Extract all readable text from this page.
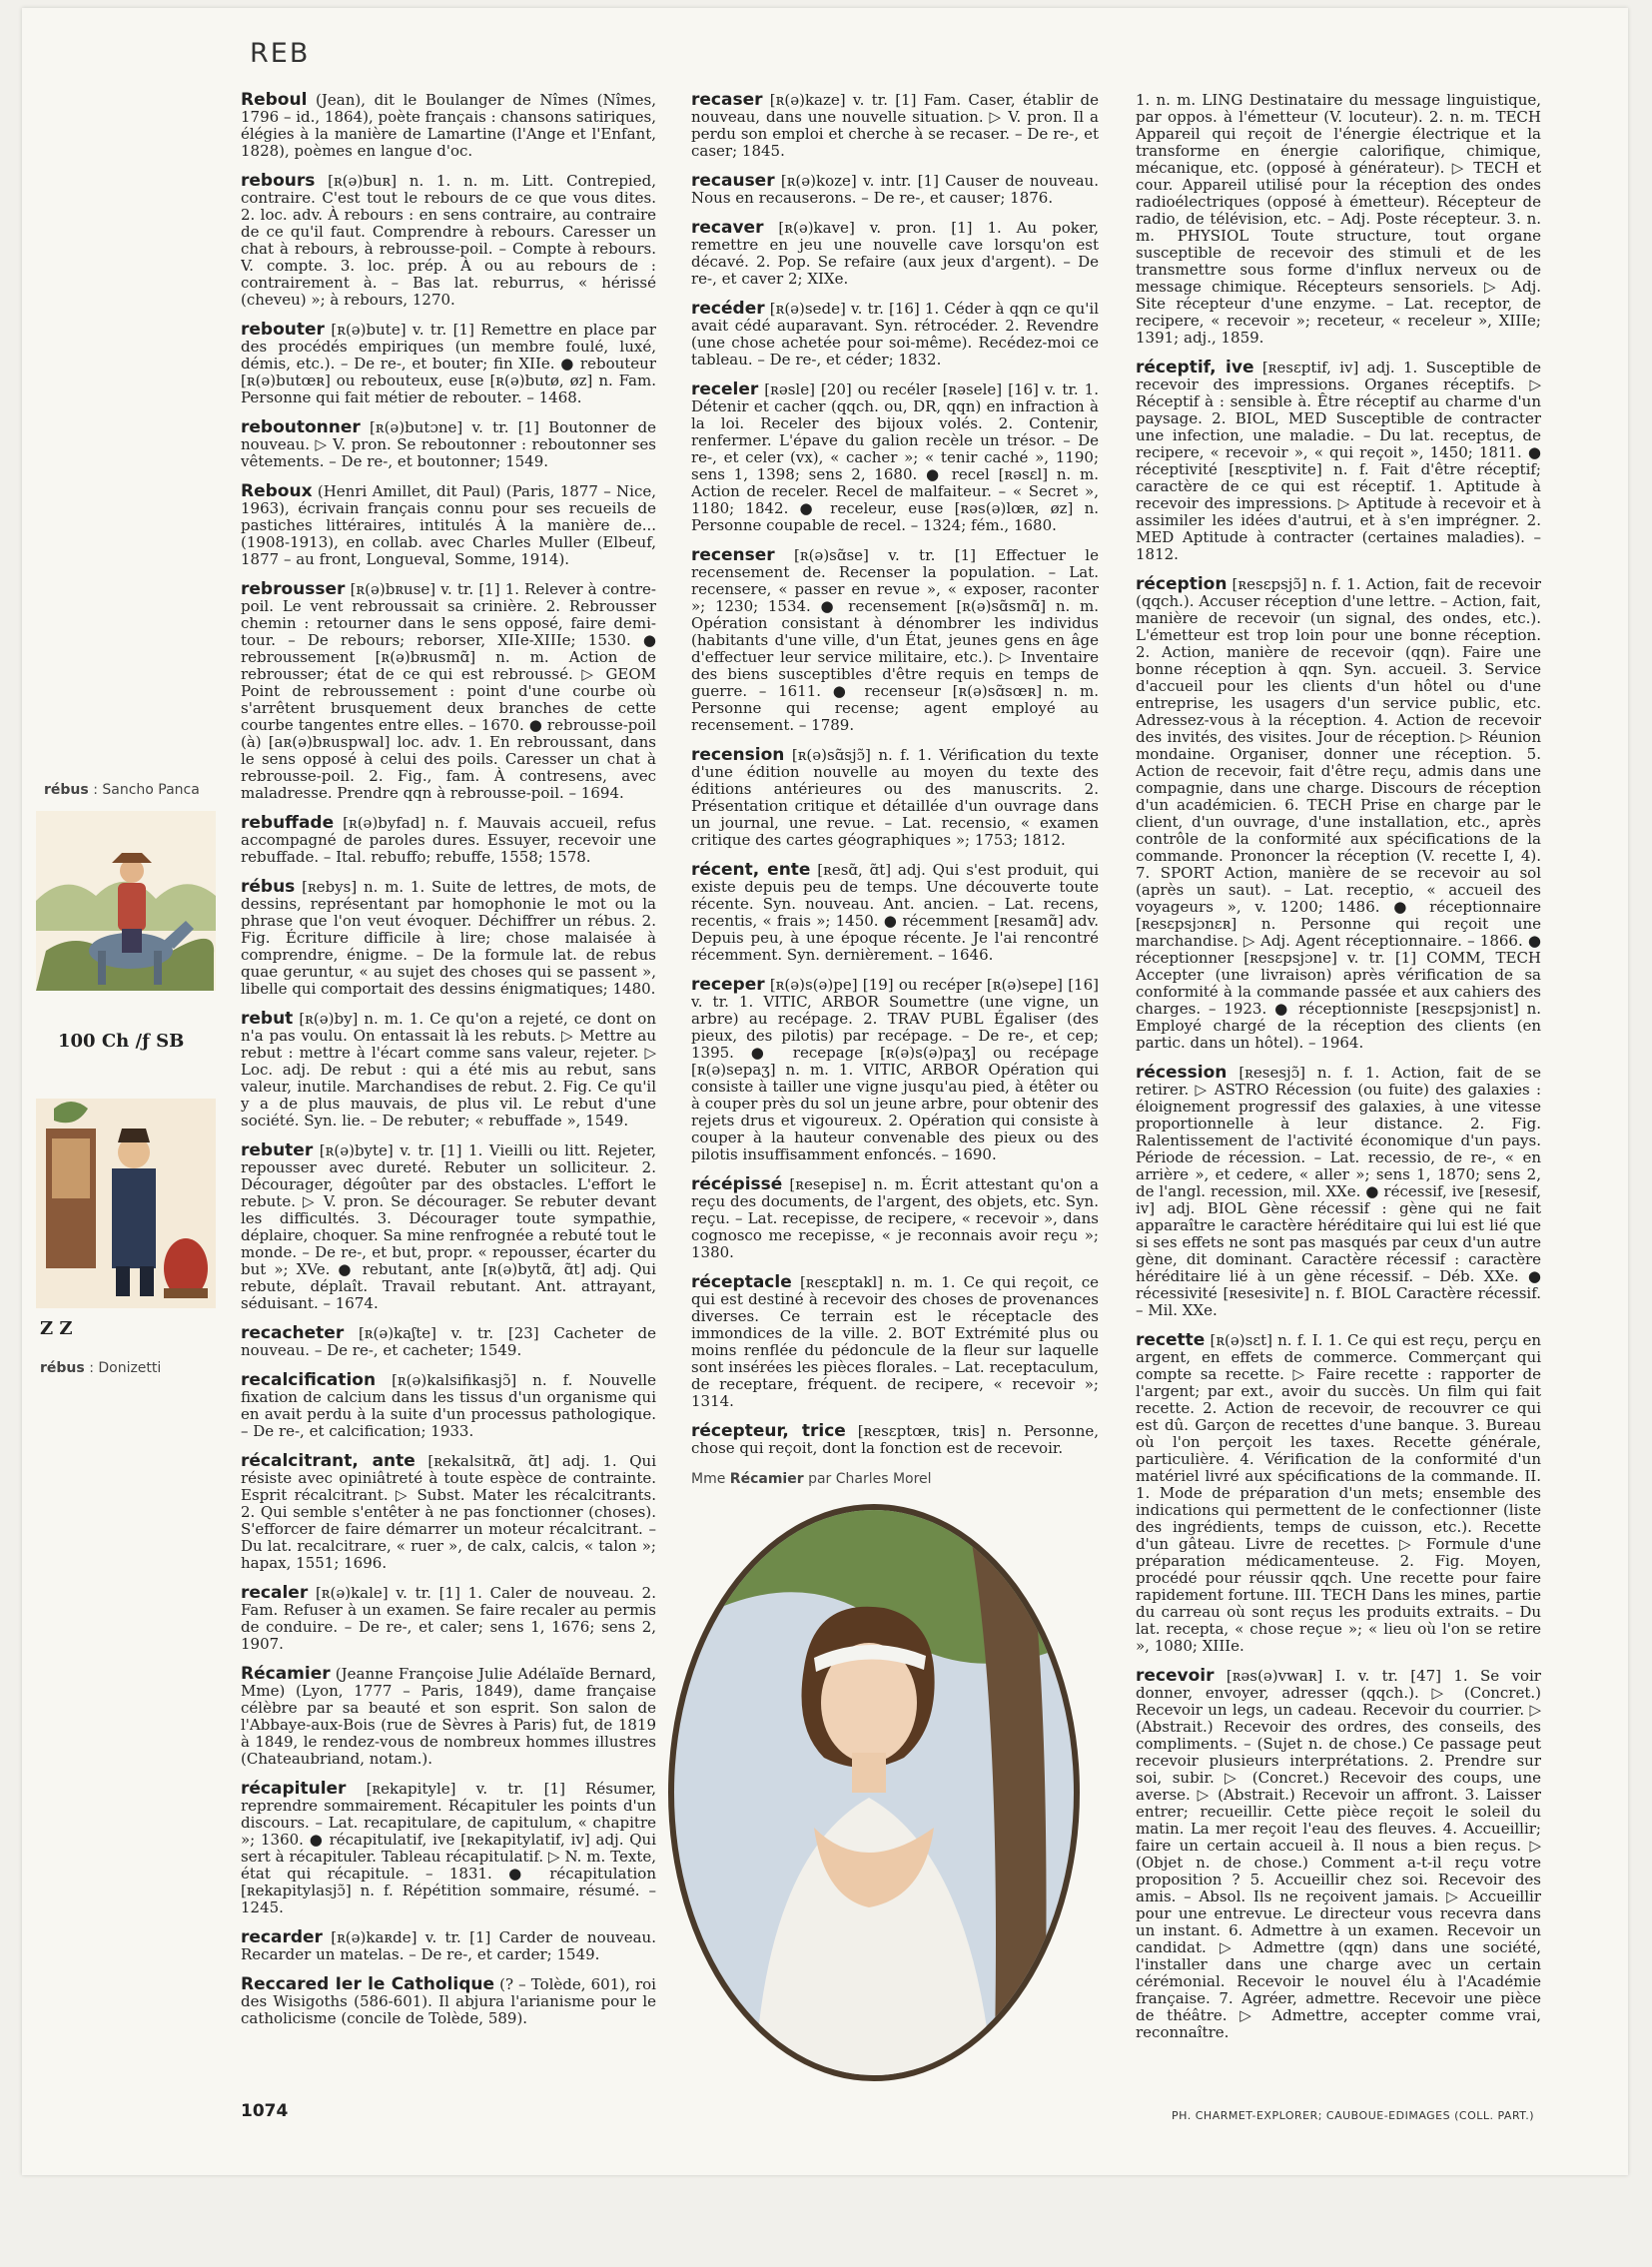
REB
rébus : Sancho Panca
100 Ch /ƒ SB
Z Z
rébus : Donizetti

Reboul (Jean), dit le Boulanger de Nîmes (Nîmes, 1796 – id., 1864), poète français : chansons satiriques, élégies à la manière de Lamartine (l'Ange et l'Enfant, 1828), poèmes en langue d'oc.

rebours [ʀ(ə)buʀ] n. 1. n. m. Litt. Contrepied, contraire. C'est tout le rebours de ce que vous dites. 2. loc. adv. À rebours : en sens contraire, au contraire de ce qu'il faut. Comprendre à rebours. Caresser un chat à rebours, à rebrousse-poil. – Compte à rebours. V. compte. 3. loc. prép. À ou au rebours de : contrairement à. – Bas lat. reburrus, « hérissé (cheveu) »; à rebours, 1270.

rebouter [ʀ(ə)bute] v. tr. [1] Remettre en place par des procédés empiriques (un membre foulé, luxé, démis, etc.). – De re-, et bouter; fin XIIe. ● rebouteur [ʀ(ə)butœʀ] ou rebouteux, euse [ʀ(ə)butø, øz] n. Fam. Personne qui fait métier de rebouter. – 1468.

reboutonner [ʀ(ə)butɔne] v. tr. [1] Boutonner de nouveau. ▷ V. pron. Se reboutonner : reboutonner ses vêtements. – De re-, et boutonner; 1549.

Reboux (Henri Amillet, dit Paul) (Paris, 1877 – Nice, 1963), écrivain français connu pour ses recueils de pastiches littéraires, intitulés À la manière de... (1908-1913), en collab. avec Charles Muller (Elbeuf, 1877 – au front, Longueval, Somme, 1914).

rebrousser [ʀ(ə)bʀuse] v. tr. [1] 1. Relever à contre-poil. Le vent rebroussait sa crinière. 2. Rebrousser chemin : retourner dans le sens opposé, faire demi-tour. – De rebours; reborser, XIIe-XIIIe; 1530. ● rebroussement [ʀ(ə)bʀusmɑ̃] n. m. Action de rebrousser; état de ce qui est rebroussé. ▷ GEOM Point de rebroussement : point d'une courbe où s'arrêtent brusquement deux branches de cette courbe tangentes entre elles. – 1670. ● rebrousse-poil (à) [aʀ(ə)bʀuspwal] loc. adv. 1. En rebroussant, dans le sens opposé à celui des poils. Caresser un chat à rebrousse-poil. 2. Fig., fam. À contresens, avec maladresse. Prendre qqn à rebrousse-poil. – 1694.

rebuffade [ʀ(ə)byfad] n. f. Mauvais accueil, refus accompagné de paroles dures. Essuyer, recevoir une rebuffade. – Ital. rebuffo; rebuffe, 1558; 1578.

rébus [ʀebys] n. m. 1. Suite de lettres, de mots, de dessins, représentant par homophonie le mot ou la phrase que l'on veut évoquer. Déchiffrer un rébus. 2. Fig. Écriture difficile à lire; chose malaisée à comprendre, énigme. – De la formule lat. de rebus quae geruntur, « au sujet des choses qui se passent », libelle qui comportait des dessins énigmatiques; 1480.

rebut [ʀ(ə)by] n. m. 1. Ce qu'on a rejeté, ce dont on n'a pas voulu. On entassait là les rebuts. ▷ Mettre au rebut : mettre à l'écart comme sans valeur, rejeter. ▷ Loc. adj. De rebut : qui a été mis au rebut, sans valeur, inutile. Marchandises de rebut. 2. Fig. Ce qu'il y a de plus mauvais, de plus vil. Le rebut d'une société. Syn. lie. – De rebuter; « rebuffade », 1549.

rebuter [ʀ(ə)byte] v. tr. [1] 1. Vieilli ou litt. Rejeter, repousser avec dureté. Rebuter un solliciteur. 2. Décourager, dégoûter par des obstacles. L'effort le rebute. ▷ V. pron. Se décourager. Se rebuter devant les difficultés. 3. Décourager toute sympathie, déplaire, choquer. Sa mine renfrognée a rebuté tout le monde. – De re-, et but, propr. « repousser, écarter du but »; XVe. ● rebutant, ante [ʀ(ə)bytɑ̃, ɑ̃t] adj. Qui rebute, déplaît. Travail rebutant. Ant. attrayant, séduisant. – 1674.

recacheter [ʀ(ə)kaʃte] v. tr. [23] Cacheter de nouveau. – De re-, et cacheter; 1549.

recalcification [ʀ(ə)kalsifikasjɔ̃] n. f. Nouvelle fixation de calcium dans les tissus d'un organisme qui en avait perdu à la suite d'un processus pathologique. – De re-, et calcification; 1933.

récalcitrant, ante [ʀekalsitʀɑ̃, ɑ̃t] adj. 1. Qui résiste avec opiniâtreté à toute espèce de contrainte. Esprit récalcitrant. ▷ Subst. Mater les récalcitrants. 2. Qui semble s'entêter à ne pas fonctionner (choses). S'efforcer de faire démarrer un moteur récalcitrant. – Du lat. recalcitrare, « ruer », de calx, calcis, « talon »; hapax, 1551; 1696.

recaler [ʀ(ə)kale] v. tr. [1] 1. Caler de nouveau. 2. Fam. Refuser à un examen. Se faire recaler au permis de conduire. – De re-, et caler; sens 1, 1676; sens 2, 1907.

Récamier (Jeanne Françoise Julie Adélaïde Bernard, Mme) (Lyon, 1777 – Paris, 1849), dame française célèbre par sa beauté et son esprit. Son salon de l'Abbaye-aux-Bois (rue de Sèvres à Paris) fut, de 1819 à 1849, le rendez-vous de nombreux hommes illustres (Chateaubriand, notam.).

récapituler [ʀekapityle] v. tr. [1] Résumer, reprendre sommairement. Récapituler les points d'un discours. – Lat. recapitulare, de capitulum, « chapitre »; 1360. ● récapitulatif, ive [ʀekapitylatif, iv] adj. Qui sert à récapituler. Tableau récapitulatif. ▷ N. m. Texte, état qui récapitule. – 1831. ● récapitulation [ʀekapitylasjɔ̃] n. f. Répétition sommaire, résumé. – 1245.

recarder [ʀ(ə)kaʀde] v. tr. [1] Carder de nouveau. Recarder un matelas. – De re-, et carder; 1549.

Reccared Ier le Catholique (? – Tolède, 601), roi des Wisigoths (586-601). Il abjura l'arianisme pour le catholicisme (concile de Tolède, 589).

recaser [ʀ(ə)kaze] v. tr. [1] Fam. Caser, établir de nouveau, dans une nouvelle situation. ▷ V. pron. Il a perdu son emploi et cherche à se recaser. – De re-, et caser; 1845.

recauser [ʀ(ə)koze] v. intr. [1] Causer de nouveau. Nous en recauserons. – De re-, et causer; 1876.

recaver [ʀ(ə)kave] v. pron. [1] 1. Au poker, remettre en jeu une nouvelle cave lorsqu'on est décavé. 2. Pop. Se refaire (aux jeux d'argent). – De re-, et caver 2; XIXe.

recéder [ʀ(ə)sede] v. tr. [16] 1. Céder à qqn ce qu'il avait cédé auparavant. Syn. rétrocéder. 2. Revendre (une chose achetée pour soi-même). Recédez-moi ce tableau. – De re-, et céder; 1832.

receler [ʀəsle] [20] ou recéler [ʀəsele] [16] v. tr. 1. Détenir et cacher (qqch. ou, DR, qqn) en infraction à la loi. Receler des bijoux volés. 2. Contenir, renfermer. L'épave du galion recèle un trésor. – De re-, et celer (vx), « cacher »; « tenir caché », 1190; sens 1, 1398; sens 2, 1680. ● recel [ʀəsɛl] n. m. Action de receler. Recel de malfaiteur. – « Secret », 1180; 1842. ● receleur, euse [ʀəs(ə)lœʀ, øz] n. Personne coupable de recel. – 1324; fém., 1680.

recenser [ʀ(ə)sɑ̃se] v. tr. [1] Effectuer le recensement de. Recenser la population. – Lat. recensere, « passer en revue », « exposer, raconter »; 1230; 1534. ● recensement [ʀ(ə)sɑ̃smɑ̃] n. m. Opération consistant à dénombrer les individus (habitants d'une ville, d'un État, jeunes gens en âge d'effectuer leur service militaire, etc.). ▷ Inventaire des biens susceptibles d'être requis en temps de guerre. – 1611. ● recenseur [ʀ(ə)sɑ̃sœʀ] n. m. Personne qui recense; agent employé au recensement. – 1789.

recension [ʀ(ə)sɑ̃sjɔ̃] n. f. 1. Vérification du texte d'une édition nouvelle au moyen du texte des éditions antérieures ou des manuscrits. 2. Présentation critique et détaillée d'un ouvrage dans un journal, une revue. – Lat. recensio, « examen critique des cartes géographiques »; 1753; 1812.

récent, ente [ʀesɑ̃, ɑ̃t] adj. Qui s'est produit, qui existe depuis peu de temps. Une découverte toute récente. Syn. nouveau. Ant. ancien. – Lat. recens, recentis, « frais »; 1450. ● récemment [ʀesamɑ̃] adv. Depuis peu, à une époque récente. Je l'ai rencontré récemment. Syn. dernièrement. – 1646.

receper [ʀ(ə)s(ə)pe] [19] ou recéper [ʀ(ə)sepe] [16] v. tr. 1. VITIC, ARBOR Soumettre (une vigne, un arbre) au recépage. 2. TRAV PUBL Égaliser (des pieux, des pilotis) par recépage. – De re-, et cep; 1395. ● recepage [ʀ(ə)s(ə)paʒ] ou recépage [ʀ(ə)sepaʒ] n. m. 1. VITIC, ARBOR Opération qui consiste à tailler une vigne jusqu'au pied, à étêter ou à couper près du sol un jeune arbre, pour obtenir des rejets drus et vigoureux. 2. Opération qui consiste à couper à la hauteur convenable des pieux ou des pilotis insuffisamment enfoncés. – 1690.

récépissé [ʀesepise] n. m. Écrit attestant qu'on a reçu des documents, de l'argent, des objets, etc. Syn. reçu. – Lat. recepisse, de recipere, « recevoir », dans cognosco me recepisse, « je reconnais avoir reçu »; 1380.

réceptacle [ʀesɛptakl] n. m. 1. Ce qui reçoit, ce qui est destiné à recevoir des choses de provenances diverses. Ce terrain est le réceptacle des immondices de la ville. 2. BOT Extrémité plus ou moins renflée du pédoncule de la fleur sur laquelle sont insérées les pièces florales. – Lat. receptaculum, de receptare, fréquent. de recipere, « recevoir »; 1314.

récepteur, trice [ʀesɛptœʀ, tʀis] n. Personne, chose qui reçoit, dont la fonction est de recevoir.

1. n. m. LING Destinataire du message linguistique, par oppos. à l'émetteur (V. locuteur). 2. n. m. TECH Appareil qui reçoit de l'énergie électrique et la transforme en énergie calorifique, chimique, mécanique, etc. (opposé à générateur). ▷ TECH et cour. Appareil utilisé pour la réception des ondes radioélectriques (opposé à émetteur). Récepteur de radio, de télévision, etc. – Adj. Poste récepteur. 3. n. m. PHYSIOL Toute structure, tout organe susceptible de recevoir des stimuli et de les transmettre sous forme d'influx nerveux ou de message chimique. Récepteurs sensoriels. ▷ Adj. Site récepteur d'une enzyme. – Lat. receptor, de recipere, « recevoir »; receteur, « receleur », XIIIe; 1391; adj., 1859.

réceptif, ive [ʀesɛptif, iv] adj. 1. Susceptible de recevoir des impressions. Organes réceptifs. ▷ Réceptif à : sensible à. Être réceptif au charme d'un paysage. 2. BIOL, MED Susceptible de contracter une infection, une maladie. – Du lat. receptus, de recipere, « recevoir », « qui reçoit », 1450; 1811. ● réceptivité [ʀesɛptivite] n. f. Fait d'être réceptif; caractère de ce qui est réceptif. 1. Aptitude à recevoir des impressions. ▷ Aptitude à recevoir et à assimiler les idées d'autrui, et à s'en imprégner. 2. MED Aptitude à contracter (certaines maladies). – 1812.

réception [ʀesɛpsjɔ̃] n. f. 1. Action, fait de recevoir (qqch.). Accuser réception d'une lettre. – Action, fait, manière de recevoir (un signal, des ondes, etc.). L'émetteur est trop loin pour une bonne réception. 2. Action, manière de recevoir (qqn). Faire une bonne réception à qqn. Syn. accueil. 3. Service d'accueil pour les clients d'un hôtel ou d'une entreprise, les usagers d'un service public, etc. Adressez-vous à la réception. 4. Action de recevoir des invités, des visites. Jour de réception. ▷ Réunion mondaine. Organiser, donner une réception. 5. Action de recevoir, fait d'être reçu, admis dans une compagnie, dans une charge. Discours de réception d'un académicien. 6. TECH Prise en charge par le client, d'un ouvrage, d'une installation, etc., après contrôle de la conformité aux spécifications de la commande. Prononcer la réception (V. recette I, 4). 7. SPORT Action, manière de se recevoir au sol (après un saut). – Lat. receptio, « accueil des voyageurs », v. 1200; 1486. ● réceptionnaire [ʀesɛpsjɔnɛʀ] n. Personne qui reçoit une marchandise. ▷ Adj. Agent réceptionnaire. – 1866. ● réceptionner [ʀesɛpsjɔne] v. tr. [1] COMM, TECH Accepter (une livraison) après vérification de sa conformité à la commande passée et aux cahiers des charges. – 1923. ● réceptionniste [ʀesɛpsjɔnist] n. Employé chargé de la réception des clients (en partic. dans un hôtel). – 1964.

récession [ʀesesjɔ̃] n. f. 1. Action, fait de se retirer. ▷ ASTRO Récession (ou fuite) des galaxies : éloignement progressif des galaxies, à une vitesse proportionnelle à leur distance. 2. Fig. Ralentissement de l'activité économique d'un pays. Période de récession. – Lat. recessio, de re-, « en arrière », et cedere, « aller »; sens 1, 1870; sens 2, de l'angl. recession, mil. XXe. ● récessif, ive [ʀesesif, iv] adj. BIOL Gène récessif : gène qui ne fait apparaître le caractère héréditaire qui lui est lié que si ses effets ne sont pas masqués par ceux d'un autre gène, dit dominant. Caractère récessif : caractère héréditaire lié à un gène récessif. – Déb. XXe. ● récessivité [ʀesesivite] n. f. BIOL Caractère récessif. – Mil. XXe.

recette [ʀ(ə)sɛt] n. f. I. 1. Ce qui est reçu, perçu en argent, en effets de commerce. Commerçant qui compte sa recette. ▷ Faire recette : rapporter de l'argent; par ext., avoir du succès. Un film qui fait recette. 2. Action de recevoir, de recouvrer ce qui est dû. Garçon de recettes d'une banque. 3. Bureau où l'on perçoit les taxes. Recette générale, particulière. 4. Vérification de la conformité d'un matériel livré aux spécifications de la commande. II. 1. Mode de préparation d'un mets; ensemble des indications qui permettent de le confectionner (liste des ingrédients, temps de cuisson, etc.). Recette d'un gâteau. Livre de recettes. ▷ Formule d'une préparation médicamenteuse. 2. Fig. Moyen, procédé pour réussir qqch. Une recette pour faire rapidement fortune. III. TECH Dans les mines, partie du carreau où sont reçus les produits extraits. – Du lat. recepta, « chose reçue »; « lieu où l'on se retire », 1080; XIIIe.

recevoir [ʀəs(ə)vwaʀ] I. v. tr. [47] 1. Se voir donner, envoyer, adresser (qqch.). ▷ (Concret.) Recevoir un legs, un cadeau. Recevoir du courrier. ▷ (Abstrait.) Recevoir des ordres, des conseils, des compliments. – (Sujet n. de chose.) Ce passage peut recevoir plusieurs interprétations. 2. Prendre sur soi, subir. ▷ (Concret.) Recevoir des coups, une averse. ▷ (Abstrait.) Recevoir un affront. 3. Laisser entrer; recueillir. Cette pièce reçoit le soleil du matin. La mer reçoit l'eau des fleuves. 4. Accueillir; faire un certain accueil à. Il nous a bien reçus. ▷ (Objet n. de chose.) Comment a-t-il reçu votre proposition ? 5. Accueillir chez soi. Recevoir des amis. – Absol. Ils ne reçoivent jamais. ▷ Accueillir pour une entrevue. Le directeur vous recevra dans un instant. 6. Admettre à un examen. Recevoir un candidat. ▷ Admettre (qqn) dans une société, l'installer dans une charge avec un certain cérémonial. Recevoir le nouvel élu à l'Académie française. 7. Agréer, admettre. Recevoir une pièce de théâtre. ▷ Admettre, accepter comme vrai, reconnaître.

Mme Récamier par Charles Morel
1074	PH. CHARMET-EXPLORER; CAUBOUE-EDIMAGES (COLL. PART.)
